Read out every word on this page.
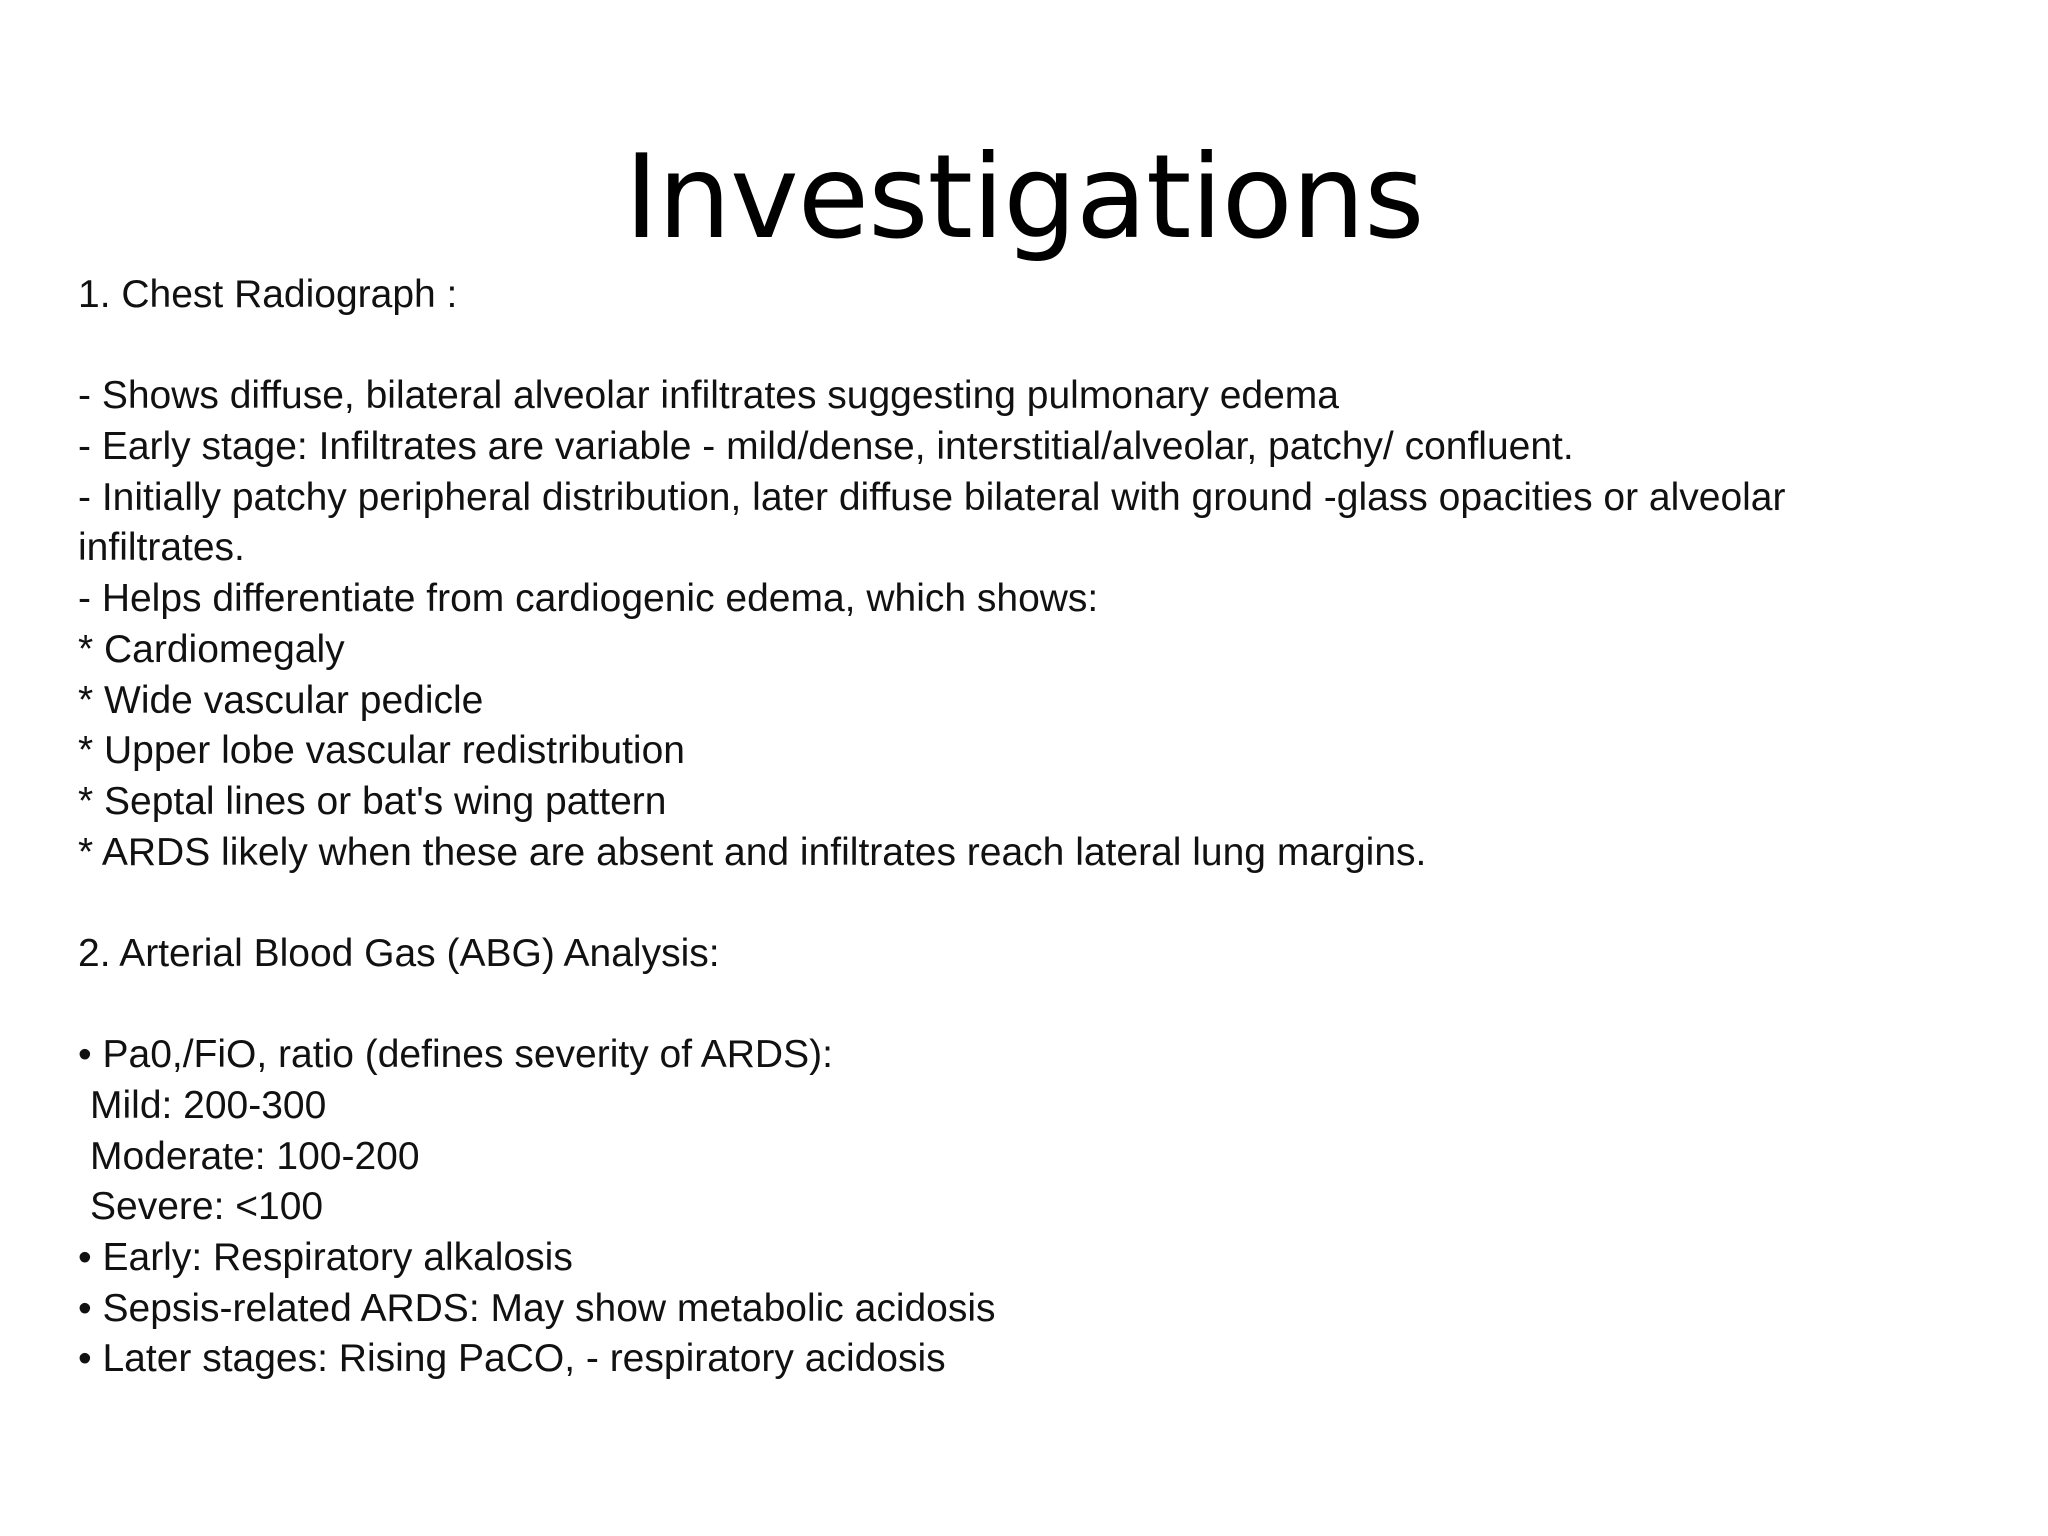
Investigations
1. Chest Radiograph :
- Shows diffuse, bilateral alveolar infiltrates suggesting pulmonary edema
- Early stage: Infiltrates are variable - mild/dense, interstitial/alveolar, patchy/ confluent.
- Initially patchy peripheral distribution, later diffuse bilateral with ground -glass opacities or alveolar
infiltrates.
- Helps differentiate from cardiogenic edema, which shows:
* Cardiomegaly
* Wide vascular pedicle
* Upper lobe vascular redistribution
* Septal lines or bat's wing pattern
* ARDS likely when these are absent and infiltrates reach lateral lung margins.
2. Arterial Blood Gas (ABG) Analysis:
• Pa0,/FiO, ratio (defines severity of ARDS):
Mild: 200-300
Moderate: 100-200
Severe: <100
• Early: Respiratory alkalosis
• Sepsis-related ARDS: May show metabolic acidosis
• Later stages: Rising PaCO, - respiratory acidosis
